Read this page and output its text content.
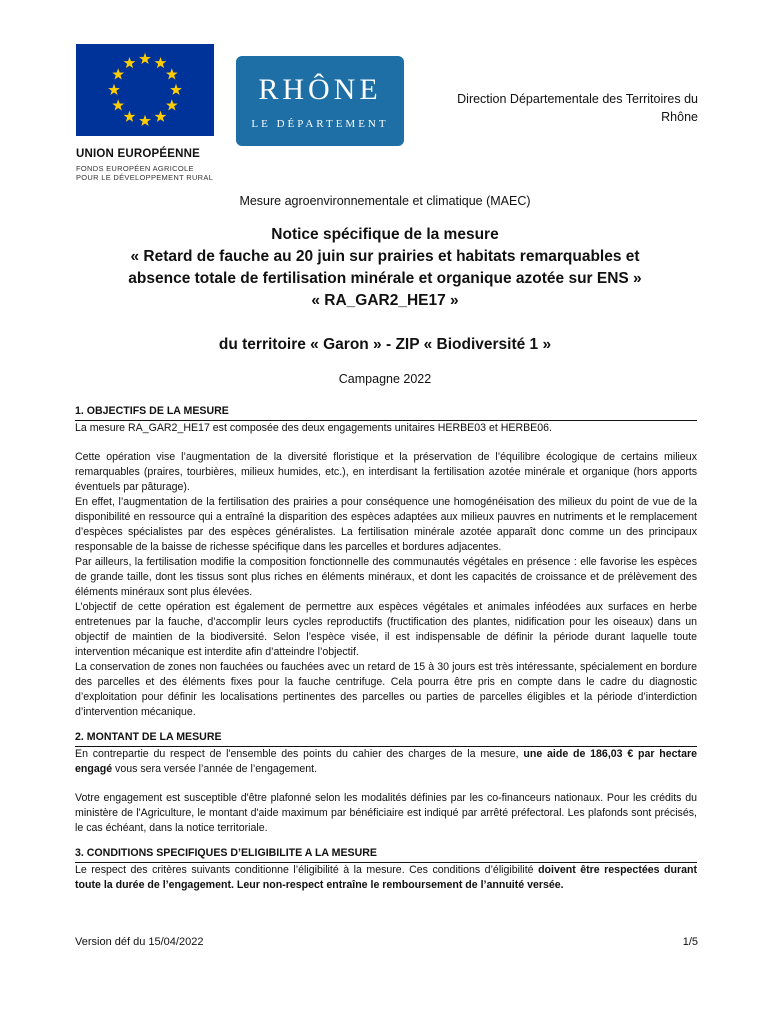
UNION EUROPÉENNE
FONDS EUROPÉEN AGRICOLE
POUR LE DÉVELOPPEMENT RURAL
RHÔNE
LE DÉPARTEMENT
Direction Départementale des Territoires du
Rhône
Mesure agroenvironnementale et climatique (MAEC)
Notice spécifique de la mesure
« Retard de fauche au 20 juin sur prairies et habitats remarquables et
absence totale de fertilisation minérale et organique azotée sur ENS »
« RA_GAR2_HE17 »
du territoire « Garon » - ZIP « Biodiversité 1 »
Campagne 2022
1. OBJECTIFS DE LA MESURE

La mesure RA_GAR2_HE17 est composée des deux engagements unitaires HERBE03 et HERBE06.

Cette opération vise l’augmentation de la diversité floristique et la préservation de l’équilibre écologique de certains milieux remarquables (praires, tourbières, milieux humides, etc.), en interdisant la fertilisation azotée minérale et organique (hors apports éventuels par pâturage).

En effet, l’augmentation de la fertilisation des prairies a pour conséquence une homogénéisation des milieux du point de vue de la disponibilité en ressource qui a entraîné la disparition des espèces adaptées aux milieux pauvres en nutriments et le remplacement d’espèces spécialistes par des espèces généralistes. La fertilisation minérale azotée apparaît donc comme un des principaux responsable de la baisse de richesse spécifique dans les parcelles et bordures adjacentes.

Par ailleurs, la fertilisation modifie la composition fonctionnelle des communautés végétales en présence : elle favorise les espèces de grande taille, dont les tissus sont plus riches en éléments minéraux, et dont les capacités de croissance et de prélèvement des éléments minéraux sont plus élevées.

L’objectif de cette opération est également de permettre aux espèces végétales et animales inféodées aux surfaces en herbe entretenues par la fauche, d’accomplir leurs cycles reproductifs (fructification des plantes, nidification pour les oiseaux) dans un objectif de maintien de la biodiversité. Selon l’espèce visée, il est indispensable de définir la période durant laquelle toute intervention mécanique est interdite afin d’atteindre l’objectif.

La conservation de zones non fauchées ou fauchées avec un retard de 15 à 30 jours est très intéressante, spécialement en bordure des parcelles et des éléments fixes pour la fauche centrifuge. Cela pourra être pris en compte dans le cadre du diagnostic d’exploitation pour définir les localisations pertinentes des parcelles ou parties de parcelles éligibles et la période d’interdiction d’intervention mécanique.

2. MONTANT DE LA MESURE

En contrepartie du respect de l'ensemble des points du cahier des charges de la mesure, une aide de 186,03 € par hectare engagé vous sera versée l’année de l’engagement.

Votre engagement est susceptible d'être plafonné selon les modalités définies par les co-financeurs nationaux. Pour les crédits du ministère de l'Agriculture, le montant d'aide maximum par bénéficiaire est indiqué par arrêté préfectoral. Les plafonds sont précisés, le cas échéant, dans la notice territoriale.

3. CONDITIONS SPECIFIQUES D’ELIGIBILITE A LA MESURE

Le respect des critères suivants conditionne l’éligibilité à la mesure. Ces conditions d’éligibilité doivent être respectées durant toute la durée de l’engagement. Leur non-respect entraîne le remboursement de l’annuité versée.

Version déf du 15/04/2022	1/5
